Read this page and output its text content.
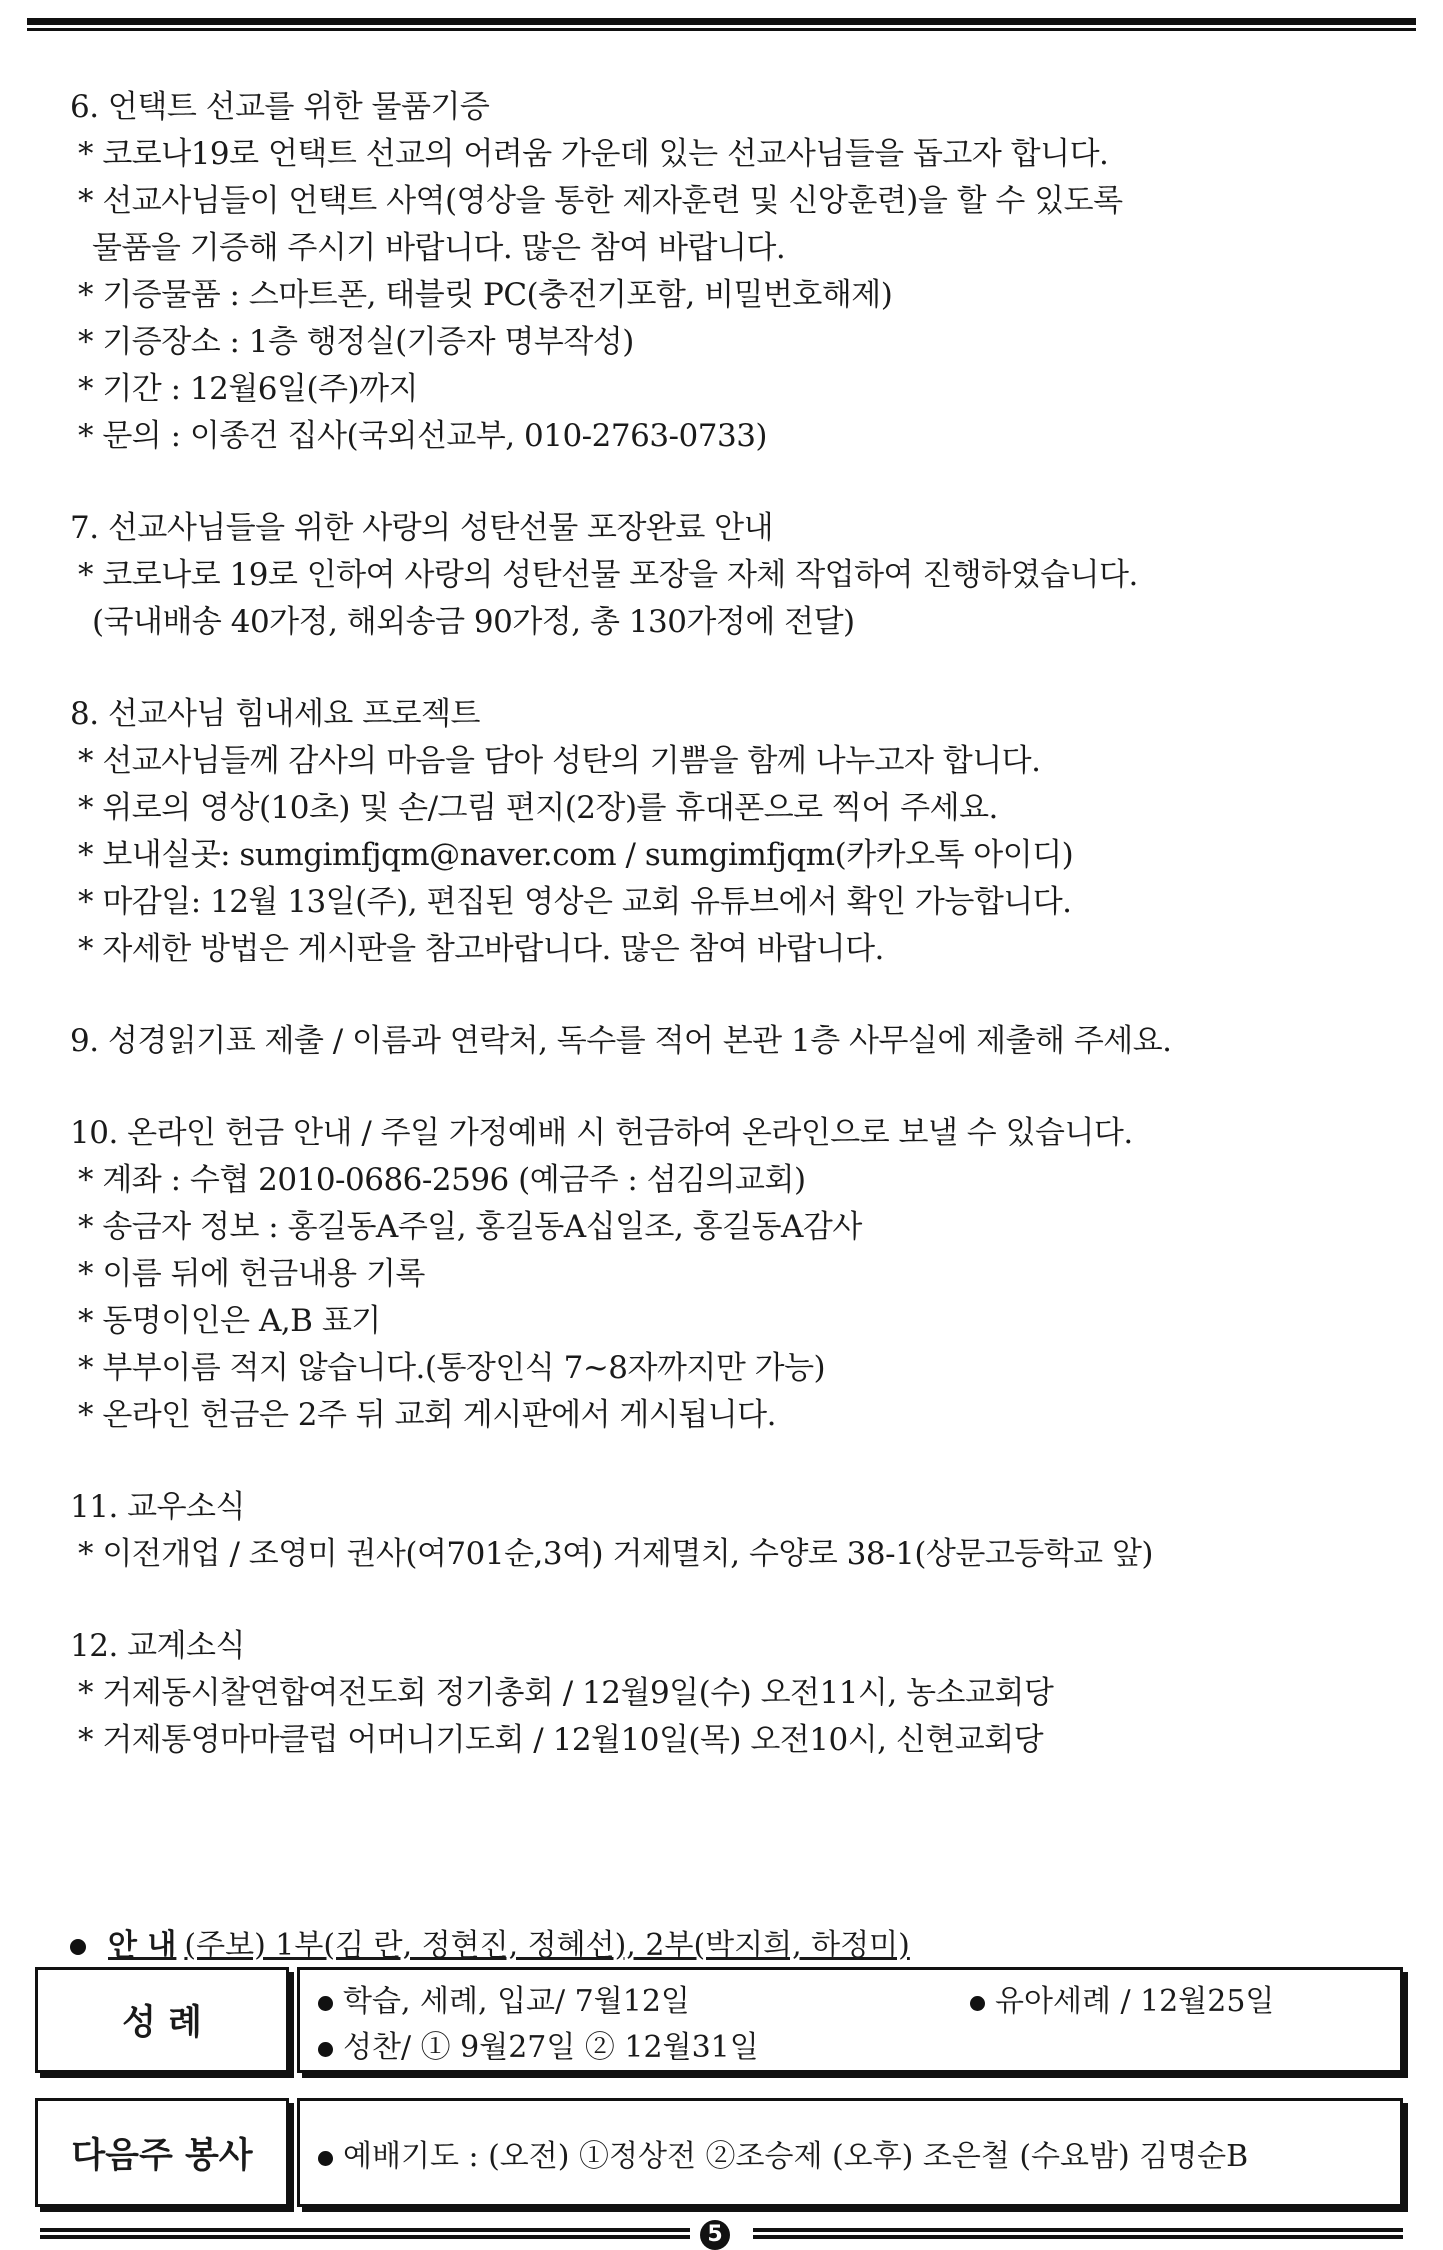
6. 언택트 선교를 위한 물품기증
* 코로나19로 언택트 선교의 어려움 가운데 있는 선교사님들을 돕고자 합니다.
* 선교사님들이 언택트 사역(영상을 통한 제자훈련 및 신앙훈련)을 할 수 있도록
물품을 기증해 주시기 바랍니다. 많은 참여 바랍니다.
* 기증물품 : 스마트폰, 태블릿 PC(충전기포함, 비밀번호해제)
* 기증장소 : 1층 행정실(기증자 명부작성)
* 기간 : 12월6일(주)까지
* 문의 : 이종건 집사(국외선교부, 010-2763-0733)
7. 선교사님들을 위한 사랑의 성탄선물 포장완료 안내
* 코로나로 19로 인하여 사랑의 성탄선물 포장을 자체 작업하여 진행하였습니다.
(국내배송 40가정, 해외송금 90가정, 총 130가정에 전달)
8. 선교사님 힘내세요 프로젝트
* 선교사님들께 감사의 마음을 담아 성탄의 기쁨을 함께 나누고자 합니다.
* 위로의 영상(10초) 및 손/그림 편지(2장)를 휴대폰으로 찍어 주세요.
* 보내실곳: sumgimfjqm@naver.com / sumgimfjqm(카카오톡 아이디)
* 마감일: 12월 13일(주), 편집된 영상은 교회 유튜브에서 확인 가능합니다.
* 자세한 방법은 게시판을 참고바랍니다. 많은 참여 바랍니다.
9. 성경읽기표 제출 / 이름과 연락처, 독수를 적어 본관 1층 사무실에 제출해 주세요.
10. 온라인 헌금 안내 / 주일 가정예배 시 헌금하여 온라인으로 보낼 수 있습니다.
* 계좌 : 수협 2010-0686-2596 (예금주 : 섬김의교회)
* 송금자 정보 : 홍길동A주일, 홍길동A십일조, 홍길동A감사
* 이름 뒤에 헌금내용 기록
* 동명이인은 A,B 표기
* 부부이름 적지 않습니다.(통장인식 7~8자까지만 가능)
* 온라인 헌금은 2주 뒤 교회 게시판에서 게시됩니다.
11. 교우소식
* 이전개업 / 조영미 권사(여701순,3여) 거제멸치, 수양로 38-1(상문고등학교 앞)
12. 교계소식
* 거제동시찰연합여전도회 정기총회 / 12월9일(수) 오전11시, 농소교회당
* 거제통영마마클럽 어머니기도회 / 12월10일(목) 오전10시, 신현교회당
안 내 (주보) 1부(김 란, 정현진, 정혜선), 2부(박지희, 하정미)
성 례
학습, 세례, 입교/ 7월12일	유아세례 / 12월25일
성찬/ ① 9월27일 ② 12월31일
다음주 봉사	예배기도 : (오전) ①정상전 ②조승제 (오후) 조은철 (수요밤) 김명순B
5
